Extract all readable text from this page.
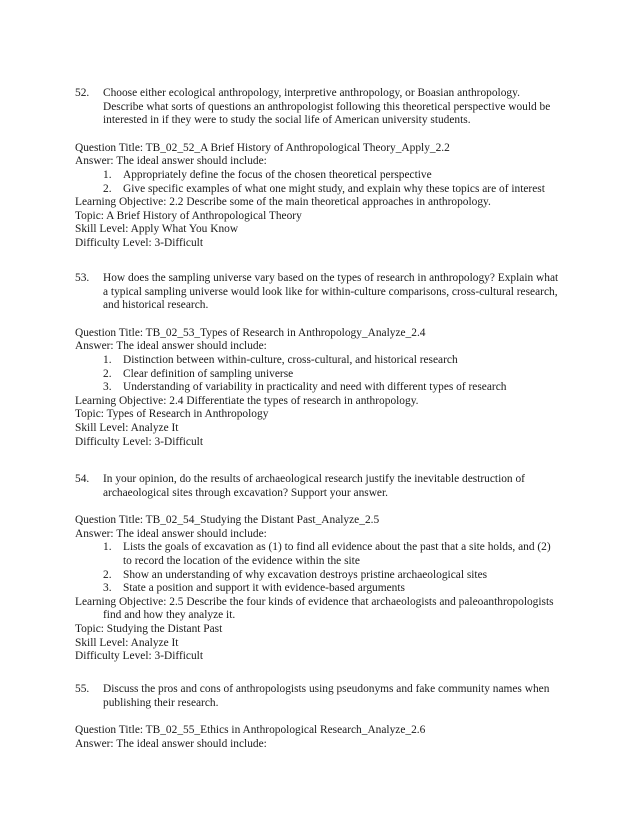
52.	Choose either ecological anthropology, interpretive anthropology, or Boasian anthropology.
Describe what sorts of questions an anthropologist following this theoretical perspective would be
interested in if they were to study the social life of American university students.
Question Title: TB_02_52_A Brief History of Anthropological Theory_Apply_2.2
Answer: The ideal answer should include:
1.	Appropriately define the focus of the chosen theoretical perspective
2.	Give specific examples of what one might study, and explain why these topics are of interest
Learning Objective: 2.2 Describe some of the main theoretical approaches in anthropology.
Topic: A Brief History of Anthropological Theory
Skill Level: Apply What You Know
Difficulty Level: 3-Difficult
53.	How does the sampling universe vary based on the types of research in anthropology? Explain what
a typical sampling universe would look like for within-culture comparisons, cross-cultural research,
and historical research.
Question Title: TB_02_53_Types of Research in Anthropology_Analyze_2.4
Answer: The ideal answer should include:
1.	Distinction between within-culture, cross-cultural, and historical research
2.	Clear definition of sampling universe
3.	Understanding of variability in practicality and need with different types of research
Learning Objective: 2.4 Differentiate the types of research in anthropology.
Topic: Types of Research in Anthropology
Skill Level: Analyze It
Difficulty Level: 3-Difficult
54.	In your opinion, do the results of archaeological research justify the inevitable destruction of
archaeological sites through excavation? Support your answer.
Question Title: TB_02_54_Studying the Distant Past_Analyze_2.5
Answer: The ideal answer should include:
1.	Lists the goals of excavation as (1) to find all evidence about the past that a site holds, and (2)
to record the location of the evidence within the site
2.	Show an understanding of why excavation destroys pristine archaeological sites
3.	State a position and support it with evidence-based arguments
Learning Objective: 2.5 Describe the four kinds of evidence that archaeologists and paleoanthropologists
find and how they analyze it.
Topic: Studying the Distant Past
Skill Level: Analyze It
Difficulty Level: 3-Difficult
55.	Discuss the pros and cons of anthropologists using pseudonyms and fake community names when
publishing their research.
Question Title: TB_02_55_Ethics in Anthropological Research_Analyze_2.6
Answer: The ideal answer should include:
